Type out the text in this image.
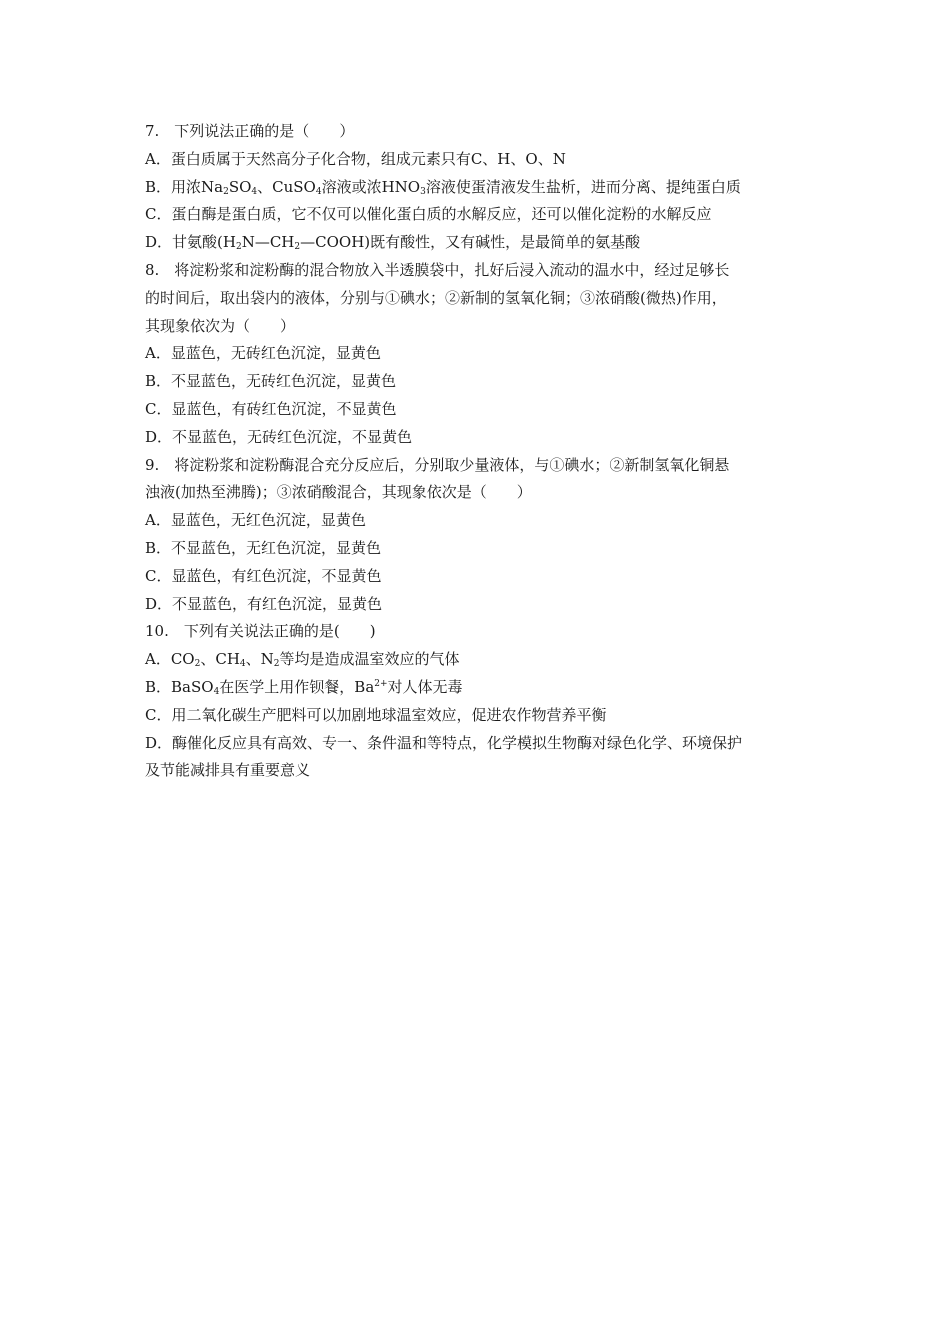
7.　下列说法正确的是（　　）

A．蛋白质属于天然高分子化合物，组成元素只有C、H、O、N

B．用浓$Na_2SO_4$、CuSO$_4$溶液或浓$HNO_3$溶液使蛋清液发生盐析，进而分离、提纯蛋白质

C．蛋白酶是蛋白质，它不仅可以催化蛋白质的水解反应，还可以催化淀粉的水解反应

D．甘氨酸$(H_2N—CH_2—COOH)$既有酸性，又有碱性，是最简单的氨基酸

8.　将淀粉浆和淀粉酶的混合物放入半透膜袋中，扎好后浸入流动的温水中，经过足够长

的时间后，取出袋内的液体，分别与①碘水；②新制的氢氧化铜；③浓硝酸(微热)作用，

其现象依次为（　　）

A．显蓝色，无砖红色沉淀，显黄色

B．不显蓝色，无砖红色沉淀，显黄色

C．显蓝色，有砖红色沉淀，不显黄色

D．不显蓝色，无砖红色沉淀，不显黄色

9.　将淀粉浆和淀粉酶混合充分反应后，分别取少量液体，与①碘水；②新制氢氧化铜悬

浊液(加热至沸腾)；③浓硝酸混合，其现象依次是（　　）

A．显蓝色，无红色沉淀，显黄色

B．不显蓝色，无红色沉淀，显黄色

C．显蓝色，有红色沉淀，不显黄色

D．不显蓝色，有红色沉淀，显黄色

10.　下列有关说法正确的是(　　)

A．$CO_2$、$CH_4$、$N_2$等均是造成温室效应的气体

B．BaSO$_4$在医学上用作钡餐，$Ba^{2+}$对人体无毒

C．用二氧化碳生产肥料可以加剧地球温室效应，促进农作物营养平衡

D．酶催化反应具有高效、专一、条件温和等特点，化学模拟生物酶对绿色化学、环境保护

及节能减排具有重要意义
